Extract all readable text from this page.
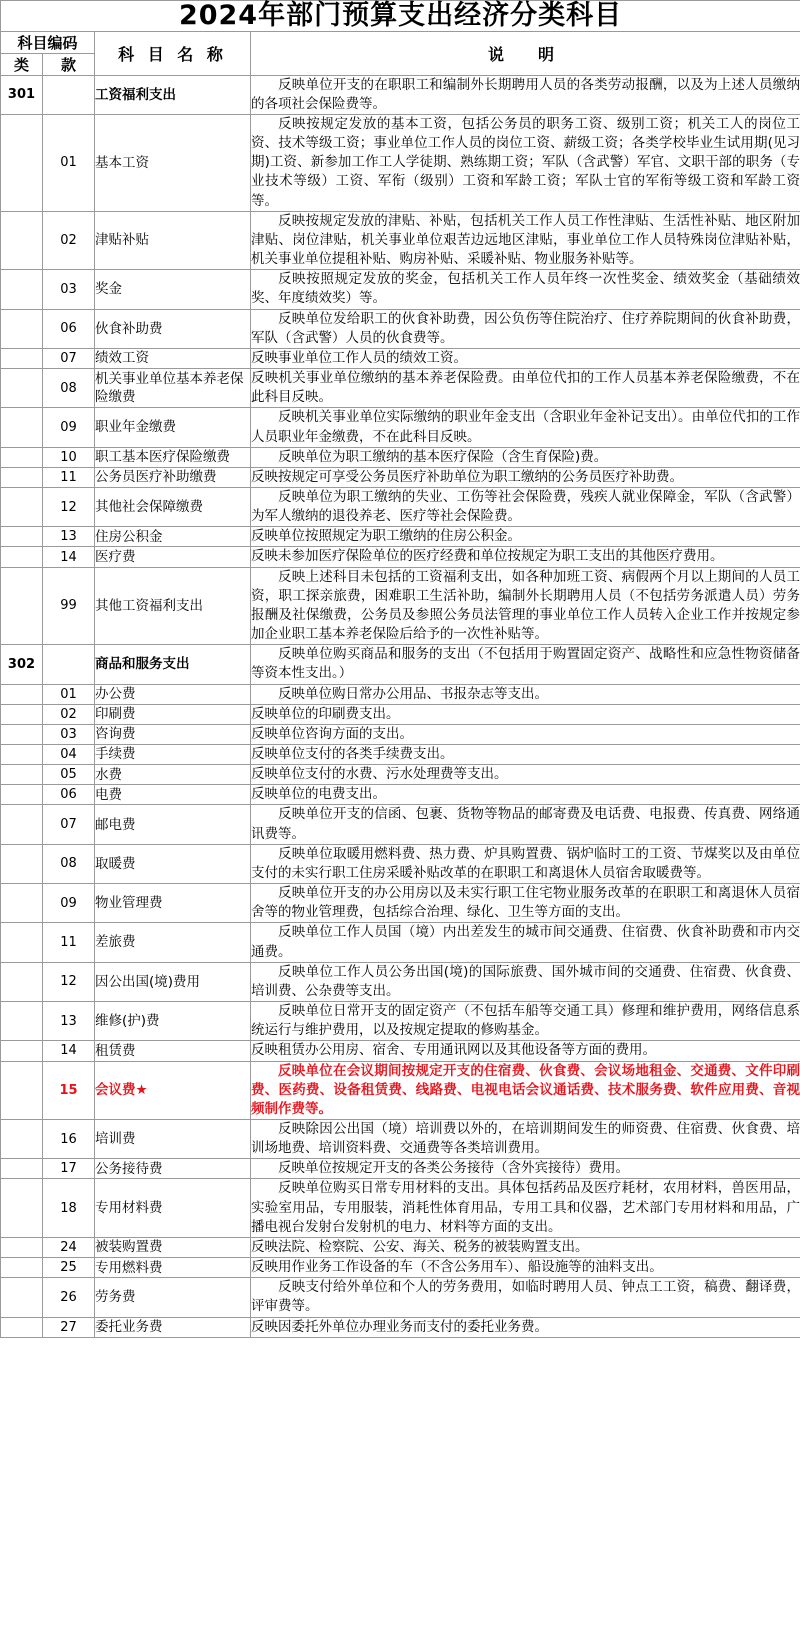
2024年部门预算支出经济分类科目			
科目编码		科 目 名 称	说　明
类	款		
301		工资福利支出	反映单位开支的在职职工和编制外长期聘用人员的各类劳动报酬，以及为上述人员缴纳的各项社会保险费等。
	01	基本工资	反映按规定发放的基本工资，包括公务员的职务工资、级别工资；机关工人的岗位工资、技术等级工资；事业单位工作人员的岗位工资、薪级工资；各类学校毕业生试用期(见习期)工资、新参加工作工人学徒期、熟练期工资；军队（含武警）军官、文职干部的职务（专业技术等级）工资、军衔（级别）工资和军龄工资；军队士官的军衔等级工资和军龄工资等。
	02	津贴补贴	反映按规定发放的津贴、补贴，包括机关工作人员工作性津贴、生活性补贴、地区附加津贴、岗位津贴，机关事业单位艰苦边远地区津贴，事业单位工作人员特殊岗位津贴补贴，机关事业单位提租补贴、购房补贴、采暖补贴、物业服务补贴等。
	03	奖金	反映按照规定发放的奖金，包括机关工作人员年终一次性奖金、绩效奖金（基础绩效奖、年度绩效奖）等。
	06	伙食补助费	反映单位发给职工的伙食补助费，因公负伤等住院治疗、住疗养院期间的伙食补助费，军队（含武警）人员的伙食费等。
	07	绩效工资	反映事业单位工作人员的绩效工资。
	08	机关事业单位基本养老保险缴费	反映机关事业单位缴纳的基本养老保险费。由单位代扣的工作人员基本养老保险缴费，不在此科目反映。
	09	职业年金缴费	反映机关事业单位实际缴纳的职业年金支出（含职业年金补记支出）。由单位代扣的工作人员职业年金缴费，不在此科目反映。
	10	职工基本医疗保险缴费	反映单位为职工缴纳的基本医疗保险（含生育保险)费。
	11	公务员医疗补助缴费	反映按规定可享受公务员医疗补助单位为职工缴纳的公务员医疗补助费。
	12	其他社会保障缴费	反映单位为职工缴纳的失业、工伤等社会保险费，残疾人就业保障金，军队（含武警）为军人缴纳的退役养老、医疗等社会保险费。
	13	住房公积金	反映单位按照规定为职工缴纳的住房公积金。
	14	医疗费	反映未参加医疗保险单位的医疗经费和单位按规定为职工支出的其他医疗费用。
	99	其他工资福利支出	反映上述科目未包括的工资福利支出，如各种加班工资、病假两个月以上期间的人员工资，职工探亲旅费，困难职工生活补助，编制外长期聘用人员（不包括劳务派遣人员）劳务报酬及社保缴费，公务员及参照公务员法管理的事业单位工作人员转入企业工作并按规定参加企业职工基本养老保险后给予的一次性补贴等。
302		商品和服务支出	反映单位购买商品和服务的支出（不包括用于购置固定资产、战略性和应急性物资储备等资本性支出。）
	01	办公费	反映单位购日常办公用品、书报杂志等支出。
	02	印刷费	反映单位的印刷费支出。
	03	咨询费	反映单位咨询方面的支出。
	04	手续费	反映单位支付的各类手续费支出。
	05	水费	反映单位支付的水费、污水处理费等支出。
	06	电费	反映单位的电费支出。
	07	邮电费	反映单位开支的信函、包裹、货物等物品的邮寄费及电话费、电报费、传真费、网络通讯费等。
	08	取暖费	反映单位取暖用燃料费、热力费、炉具购置费、锅炉临时工的工资、节煤奖以及由单位支付的未实行职工住房采暖补贴改革的在职职工和离退休人员宿舍取暖费等。
	09	物业管理费	反映单位开支的办公用房以及未实行职工住宅物业服务改革的在职职工和离退休人员宿舍等的物业管理费，包括综合治理、绿化、卫生等方面的支出。
	11	差旅费	反映单位工作人员国（境）内出差发生的城市间交通费、住宿费、伙食补助费和市内交通费。
	12	因公出国(境)费用	反映单位工作人员公务出国(境)的国际旅费、国外城市间的交通费、住宿费、伙食费、培训费、公杂费等支出。
	13	维修(护)费	反映单位日常开支的固定资产（不包括车船等交通工具）修理和维护费用，网络信息系统运行与维护费用，以及按规定提取的修购基金。
	14	租赁费	反映租赁办公用房、宿舍、专用通讯网以及其他设备等方面的费用。
	15	会议费★	反映单位在会议期间按规定开支的住宿费、伙食费、会议场地租金、交通费、文件印刷费、医药费、设备租赁费、线路费、电视电话会议通话费、技术服务费、软件应用费、音视频制作费等。
	16	培训费	反映除因公出国（境）培训费以外的，在培训期间发生的师资费、住宿费、伙食费、培训场地费、培训资料费、交通费等各类培训费用。
	17	公务接待费	反映单位按规定开支的各类公务接待（含外宾接待）费用。
	18	专用材料费	反映单位购买日常专用材料的支出。具体包括药品及医疗耗材，农用材料，兽医用品，实验室用品，专用服装，消耗性体育用品，专用工具和仪器，艺术部门专用材料和用品，广播电视台发射台发射机的电力、材料等方面的支出。
	24	被装购置费	反映法院、检察院、公安、海关、税务的被装购置支出。
	25	专用燃料费	反映用作业务工作设备的车（不含公务用车）、船设施等的油料支出。
	26	劳务费	反映支付给外单位和个人的劳务费用，如临时聘用人员、钟点工工资，稿费、翻译费，评审费等。
	27	委托业务费	反映因委托外单位办理业务而支付的委托业务费。
